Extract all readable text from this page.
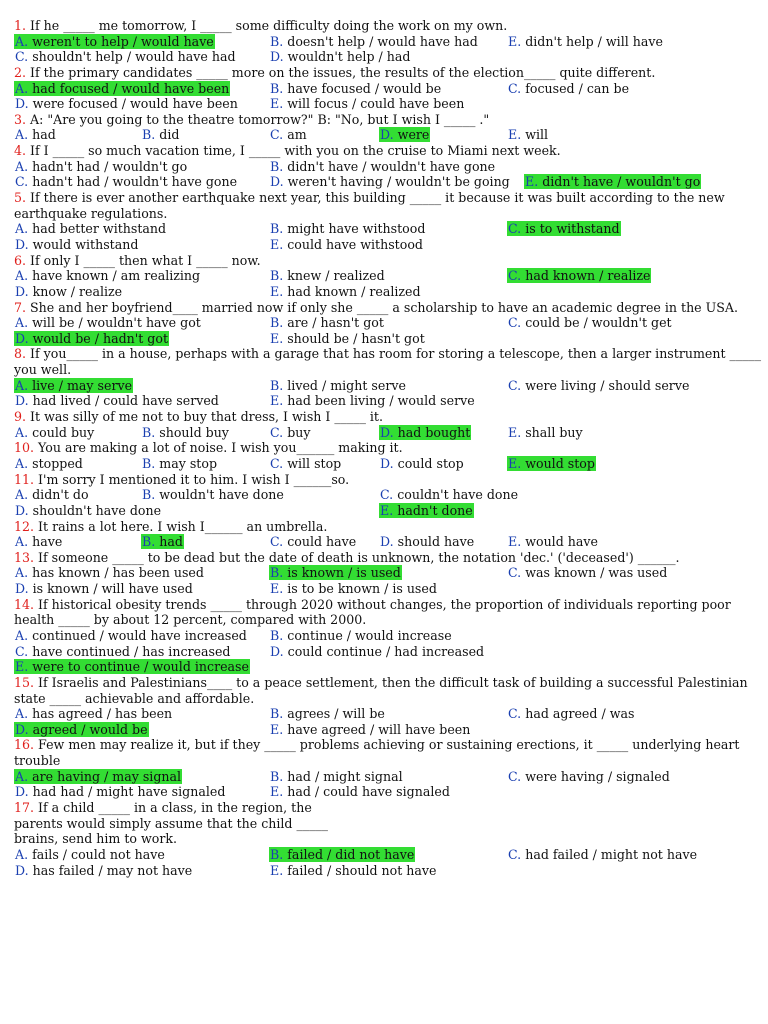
1. If he _____ me tomorrow, I _____ some difficulty doing the work on my own.
A. weren't to help / would have	B. doesn't help / would have had E. didn't help / will have
C. shouldn't help / would have had	D. wouldn't help / had
2. If the primary candidates _____ more on the issues, the results of the election_____ quite different.
A. had focused / would have been	B. have focused / would be	C. focused / can be
D. were focused / would have been	E. will focus / could have been
3. A: "Are you going to the theatre tomorrow?" B: "No, but I wish I _____ ."
A. had	B. did	C. am	D. were	E. will
4. If I _____ so much vacation time, I _____ with you on the cruise to Miami next week.
A. hadn't had / wouldn't go	B. didn't have / wouldn't have gone
C. hadn't had / wouldn't have gone	D. weren't having / wouldn't be going E. didn't have / wouldn't go
5. If there is ever another earthquake next year, this building _____ it because it was built according to the new
earthquake regulations.
A. had better withstand	B. might have withstood	C. is to withstand
D. would withstand	E. could have withstood
6. If only I _____ then what I _____ now.
A. have known / am realizing	B. knew / realized	C. had known / realize
D. know / realize	E. had known / realized
7. She and her boyfriend____ married now if only she _____ a scholarship to have an academic degree in the USA.
A. will be / wouldn't have got	B. are / hasn't got	C. could be / wouldn't get
D. would be / hadn't got	E. should be / hasn't got
8. If you_____ in a house, perhaps with a garage that has room for storing a telescope, then a larger instrument _____
you well.
A. live / may serve	B. lived / might serve	C. were living / should serve
D. had lived / could have served	E. had been living / would serve
9. It was silly of me not to buy that dress, I wish I _____ it.
A. could buy	B. should buy	C. buy	D. had bought	E. shall buy
10. You are making a lot of noise. I wish you______ making it.
A. stopped	B. may stop	C. will stop	D. could stop	E. would stop
11. I'm sorry I mentioned it to him. I wish I ______so.
A. didn't do	B. wouldn't have done	C. couldn't have done
D. shouldn't have done	E. hadn't done
12. It rains a lot here. I wish I______ an umbrella.
A. have	B. had	C. could have D. should have	E. would have
13. If someone _____ to be dead but the date of death is unknown, the notation 'dec.' ('deceased') ______.
A. has known / has been used	B. is known / is used	C. was known / was used
D. is known / will have used	E. is to be known / is used
14. If historical obesity trends _____ through 2020 without changes, the proportion of individuals reporting poor
health _____ by about 12 percent, compared with 2000.
A. continued / would have increased B. continue / would increase
C. have continued / has increased	D. could continue / had increased
E. were to continue / would increase
15. If Israelis and Palestinians____ to a peace settlement, then the difficult task of building a successful Palestinian
state _____ achievable and affordable.
A. has agreed / has been	B. agrees / will be	C. had agreed / was
D. agreed / would be	E. have agreed / will have been
16. Few men may realize it, but if they _____ problems achieving or sustaining erections, it _____ underlying heart
trouble
A. are having / may signal	B. had / might signal	C. were having / signaled
D. had had / might have signaled	E. had / could have signaled
17. If a child _____ in a class, in the region, the
parents would simply assume that the child _____
brains, send him to work.
A. fails / could not have	B. failed / did not have	C. had failed / might not have
D. has failed / may not have	E. failed / should not have
